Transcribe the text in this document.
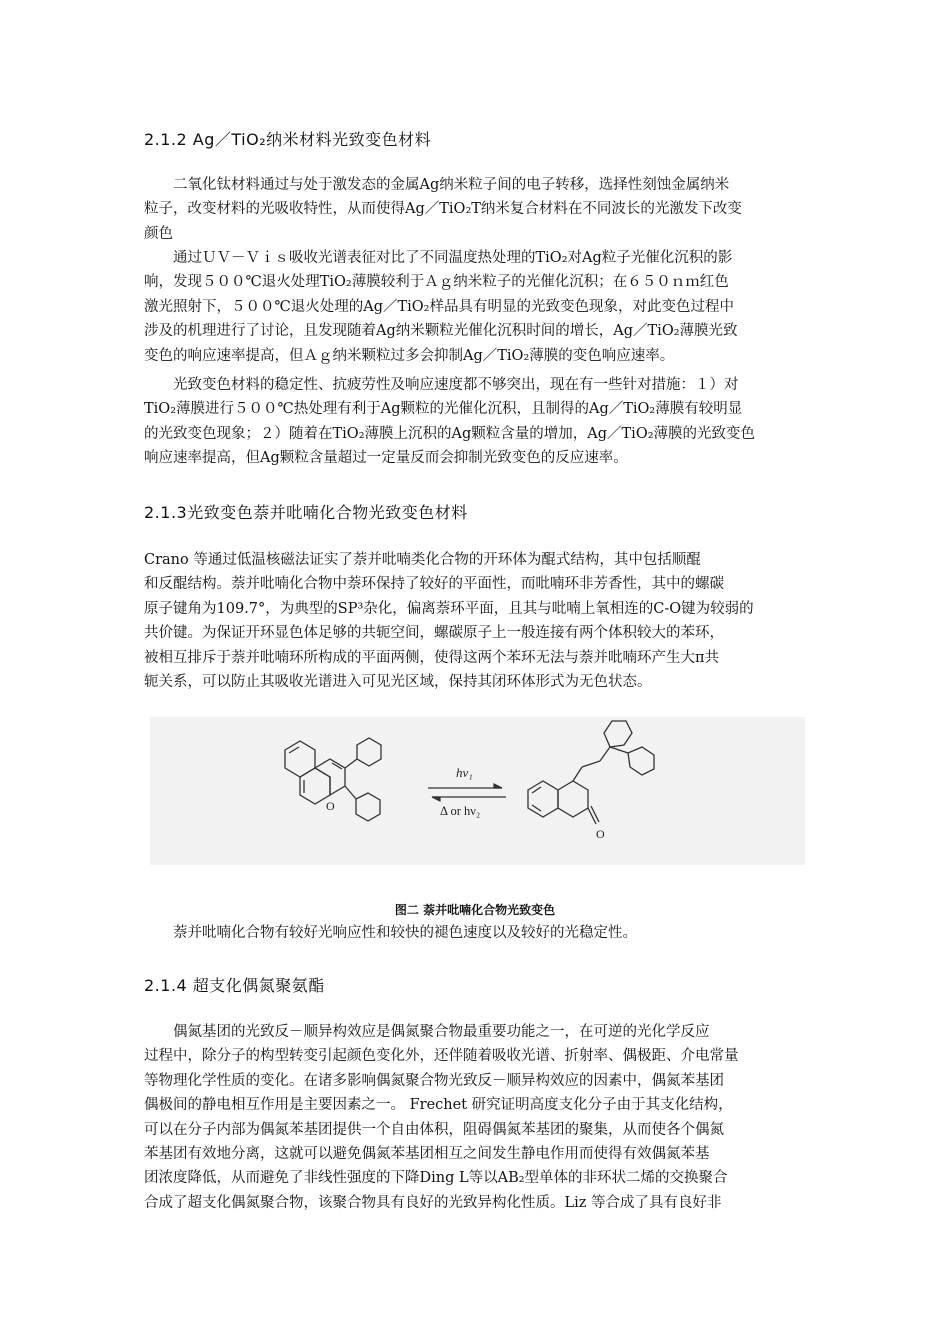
2.1.2 Ag／TiO₂纳米材料光致变色材料
　　二氧化钛材料通过与处于激发态的金属Ag纳米粒子间的电子转移，选择性刻蚀金属纳米
粒子，改变材料的光吸收特性，从而使得Ag／TiO₂T纳米复合材料在不同波长的光激发下改变
颜色
　　通过ＵＶ－Ｖｉｓ吸收光谱表征对比了不同温度热处理的TiO₂对Ag粒子光催化沉积的影
响，发现５００℃退火处理TiO₂薄膜较利于Ａｇ纳米粒子的光催化沉积；在６５０ｎｍ红色
激光照射下，５００℃退火处理的Ag／TiO₂样品具有明显的光致变色现象，对此变色过程中
涉及的机理进行了讨论，且发现随着Ag纳米颗粒光催化沉积时间的增长，Ag／TiO₂薄膜光致
变色的响应速率提高，但Ａｇ纳米颗粒过多会抑制Ag／TiO₂薄膜的变色响应速率。
　　光致变色材料的稳定性、抗疲劳性及响应速度都不够突出，现在有一些针对措施：１）对
TiO₂薄膜进行５００℃热处理有利于Ag颗粒的光催化沉积，且制得的Ag／TiO₂薄膜有较明显
的光致变色现象；２）随着在TiO₂薄膜上沉积的Ag颗粒含量的增加，Ag／TiO₂薄膜的光致变色
响应速率提高，但Ag颗粒含量超过一定量反而会抑制光致变色的反应速率。
2.1.3光致变色萘并吡喃化合物光致变色材料
Crano 等通过低温核磁法证实了萘并吡喃类化合物的开环体为醌式结构，其中包括顺醌
和反醌结构。萘并吡喃化合物中萘环保持了较好的平面性，而吡喃环非芳香性，其中的螺碳
原子键角为109.7°，为典型的SP³杂化，偏离萘环平面，且其与吡喃上氧相连的C-O键为较弱的
共价键。为保证开环显色体足够的共轭空间，螺碳原子上一般连接有两个体积较大的苯环，
被相互排斥于萘并吡喃环所构成的平面两侧，使得这两个苯环无法与萘并吡喃环产生大π共
轭关系，可以防止其吸收光谱进入可见光区域，保持其闭环体形式为无色状态。
O
hν₁
Δ or hν₂
O
图二 萘并吡喃化合物光致变色
　　萘并吡喃化合物有较好光响应性和较快的褪色速度以及较好的光稳定性。
2.1.4 超支化偶氮聚氨酯
　　偶氮基团的光致反－顺异构效应是偶氮聚合物最重要功能之一，在可逆的光化学反应
过程中，除分子的构型转变引起颜色变化外，还伴随着吸收光谱、折射率、偶极距、介电常量
等物理化学性质的变化。在诸多影响偶氮聚合物光致反－顺异构效应的因素中，偶氮苯基团
偶极间的静电相互作用是主要因素之一。 Frechet 研究证明高度支化分子由于其支化结构，
可以在分子内部为偶氮苯基团提供一个自由体积，阻碍偶氮苯基团的聚集，从而使各个偶氮
苯基团有效地分离，这就可以避免偶氮苯基团相互之间发生静电作用而使得有效偶氮苯基
团浓度降低，从而避免了非线性强度的下降Ding L等以AB₂型单体的非环状二烯的交换聚合
合成了超支化偶氮聚合物，该聚合物具有良好的光致异构化性质。Liz 等合成了具有良好非
